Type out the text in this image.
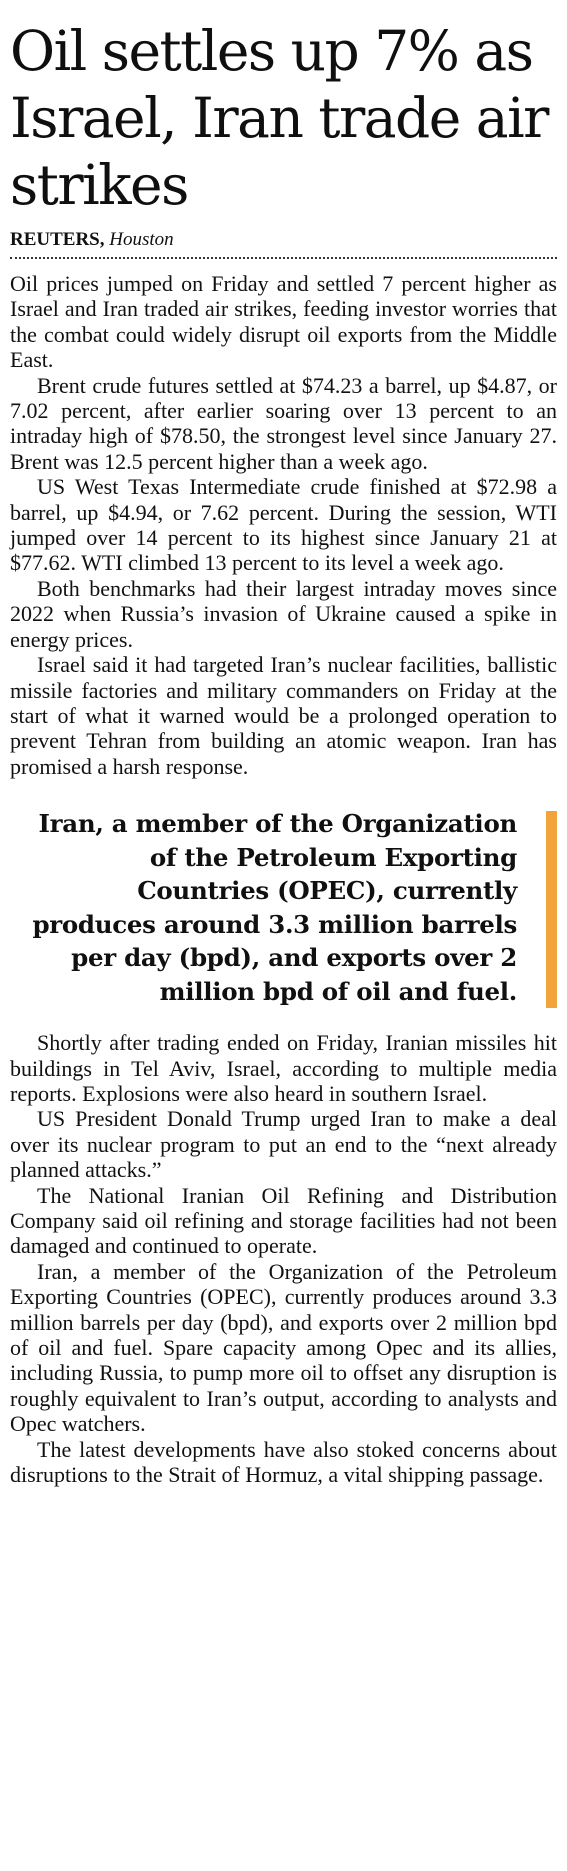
Oil settles up 7% as Israel, Iran trade air strikes
REUTERS, Houston

Oil prices jumped on Friday and settled 7 percent higher as Israel and Iran traded air strikes, feeding investor worries that the combat could widely disrupt oil exports from the Middle East.

Brent crude futures settled at $74.23 a barrel, up $4.87, or 7.02 percent, after earlier soaring over 13 percent to an intraday high of $78.50, the strongest level since January 27. Brent was 12.5 percent higher than a week ago.

US West Texas Intermediate crude finished at $72.98 a barrel, up $4.94, or 7.62 percent. During the session, WTI jumped over 14 percent to its highest since January 21 at $77.62. WTI climbed 13 percent to its level a week ago.

Both benchmarks had their largest intraday moves since 2022 when Russia’s invasion of Ukraine caused a spike in energy prices.

Israel said it had targeted Iran’s nuclear facilities, ballistic missile factories and military commanders on Friday at the start of what it warned would be a prolonged operation to prevent Tehran from building an atomic weapon. Iran has promised a harsh response.

Iran, a member of the Organization of the Petroleum Exporting Countries (OPEC), currently produces around 3.3 million barrels per day (bpd), and exports over 2 million bpd of oil and fuel.

Shortly after trading ended on Friday, Iranian missiles hit buildings in Tel Aviv, Israel, according to multiple media reports. Explosions were also heard in southern Israel.

US President Donald Trump urged Iran to make a deal over its nuclear program to put an end to the “next already planned attacks.”

The National Iranian Oil Refining and Distribution Company said oil refining and storage facilities had not been damaged and continued to operate.

Iran, a member of the Organization of the Petroleum Exporting Countries (OPEC), currently produces around 3.3 million barrels per day (bpd), and exports over 2 million bpd of oil and fuel. Spare capacity among Opec and its allies, including Russia, to pump more oil to offset any disruption is roughly equivalent to Iran’s output, according to analysts and Opec watchers.

The latest developments have also stoked concerns about disruptions to the Strait of Hormuz, a vital shipping passage.
